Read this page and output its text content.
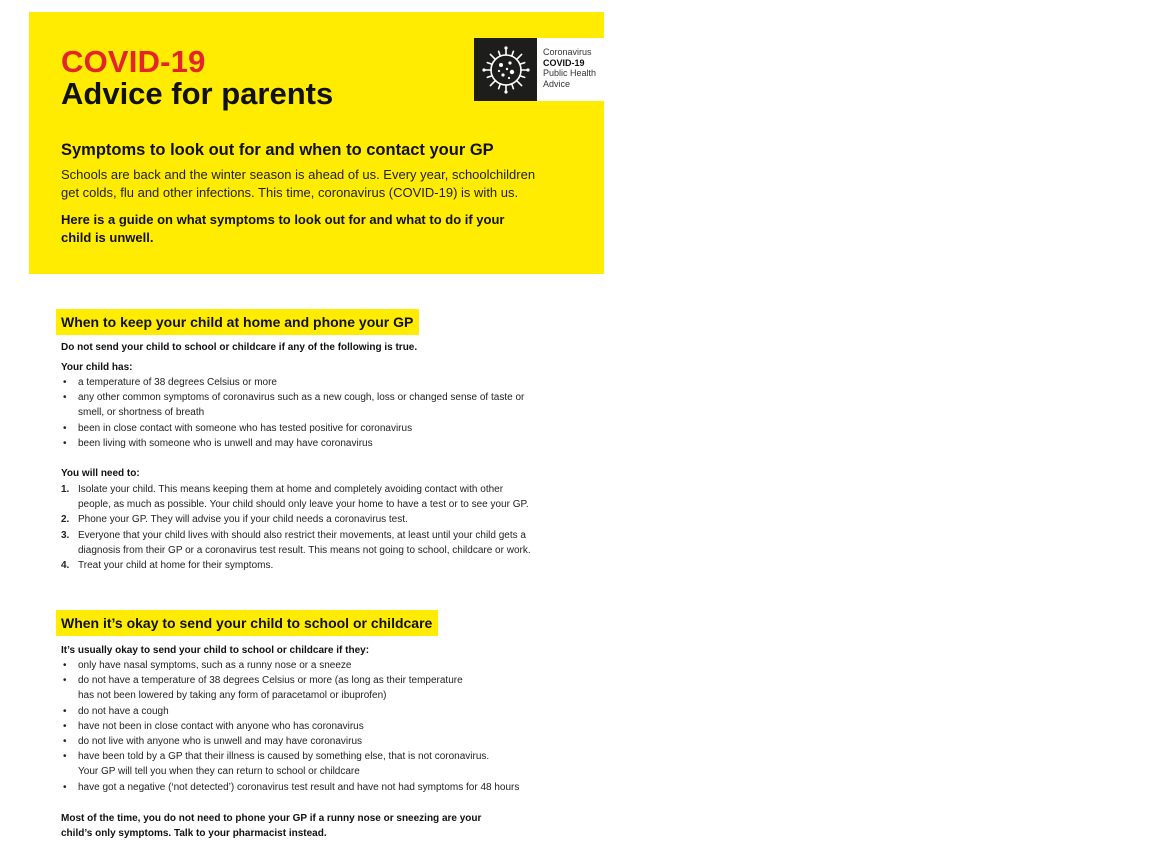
COVID-19
Advice for parents
Coronavirus
COVID-19
Public Health
Advice
Symptoms to look out for and when to contact your GP

Schools are back and the winter season is ahead of us. Every year, schoolchildren get colds, flu and other infections. This time, coronavirus (COVID-19) is with us.

Here is a guide on what symptoms to look out for and what to do if your child is unwell.

When to keep your child at home and phone your GP

Do not send your child to school or childcare if any of the following is true.

Your child has:

• a temperature of 38 degrees Celsius or more
• any other common symptoms of coronavirus such as a new cough, loss or changed sense of taste or smell, or shortness of breath
• been in close contact with someone who has tested positive for coronavirus
• been living with someone who is unwell and may have coronavirus

You will need to:

1. Isolate your child. This means keeping them at home and completely avoiding contact with other people, as much as possible. Your child should only leave your home to have a test or to see your GP.
2. Phone your GP. They will advise you if your child needs a coronavirus test.
3. Everyone that your child lives with should also restrict their movements, at least until your child gets a diagnosis from their GP or a coronavirus test result. This means not going to school, childcare or work.
4. Treat your child at home for their symptoms.
When it’s okay to send your child to school or childcare

It’s usually okay to send your child to school or childcare if they:

• only have nasal symptoms, such as a runny nose or a sneeze
• do not have a temperature of 38 degrees Celsius or more (as long as their temperature has not been lowered by taking any form of paracetamol or ibuprofen)
• do not have a cough
• have not been in close contact with anyone who has coronavirus
• do not live with anyone who is unwell and may have coronavirus
• have been told by a GP that their illness is caused by something else, that is not coronavirus. Your GP will tell you when they can return to school or childcare
• have got a negative (‘not detected’) coronavirus test result and have not had symptoms for 48 hours

Most of the time, you do not need to phone your GP if a runny nose or sneezing are your child’s only symptoms. Talk to your pharmacist instead.
